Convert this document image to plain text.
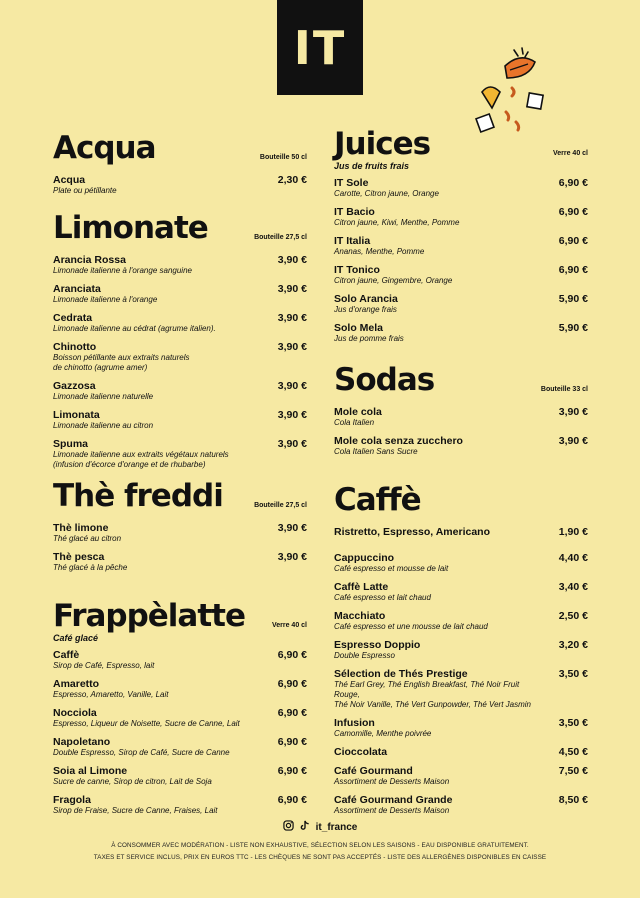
IT
Acqua	Bouteille 50 cl
Acqua
Plate ou pétillante
2,30 €
Limonate	Bouteille 27,5 cl
Arancia Rossa
Limonade italienne à l'orange sanguine
3,90 €
Aranciata
Limonade italienne à l'orange
3,90 €
Cedrata
Limonade italienne au cédrat (agrume italien).
3,90 €
Chinotto
Boisson pétillante aux extraits naturels
de chinotto (agrume amer)
3,90 €
Gazzosa
Limonade italienne naturelle
3,90 €
Limonata
Limonade italienne au citron
3,90 €
Spuma
Limonade italienne aux extraits végétaux naturels
(infusion d'écorce d'orange et de rhubarbe)
3,90 €
Thè freddi	Bouteille 27,5 cl
Thè limone
Thé glacé au citron
3,90 €
Thè pesca
Thé glacé à la pêche
3,90 €
Frappèlatte	Verre 40 cl
Café glacé
Caffè
Sirop de Café, Espresso, lait
6,90 €
Amaretto
Espresso, Amaretto, Vanille, Lait
6,90 €
Nocciola
Espresso, Liqueur de Noisette, Sucre de Canne, Lait
6,90 €
Napoletano
Double Espresso, Sirop de Café, Sucre de Canne
6,90 €
Soia al Limone
Sucre de canne, Sirop de citron, Lait de Soja
6,90 €
Fragola
Sirop de Fraise, Sucre de Canne, Fraises, Lait
6,90 €
Juices	Verre 40 cl
Jus de fruits frais
IT Sole
Carotte, Citron jaune, Orange
6,90 €
IT Bacio
Citron jaune, Kiwi, Menthe, Pomme
6,90 €
IT Italia
Ananas, Menthe, Pomme
6,90 €
IT Tonico
Citron jaune, Gingembre, Orange
6,90 €
Solo Arancia
Jus d'orange frais
5,90 €
Solo Mela
Jus de pomme frais
5,90 €
Sodas	Bouteille 33 cl
Mole cola
Cola Italien
3,90 €
Mole cola senza zucchero
Cola Italien Sans Sucre
3,90 €
Caffè
Ristretto, Espresso, Americano	1,90 €
Cappuccino
Café espresso et mousse de lait
4,40 €
Caffè Latte
Café espresso et lait chaud
3,40 €
Macchiato
Café espresso et une mousse de lait chaud
2,50 €
Espresso Doppio
Double Espresso
3,20 €
Sélection de Thés Prestige
Thé Earl Grey, Thé English Breakfast, Thé Noir Fruit Rouge,
Thé Noir Vanille, Thé Vert Gunpowder, Thé Vert Jasmin
3,50 €
Infusion
Camomille, Menthe poivrée
3,50 €
Cioccolata	4,50 €
Café Gourmand
Assortiment de Desserts Maison
7,50 €
Café Gourmand Grande
Assortiment de Desserts Maison
8,50 €
it_france
À CONSOMMER AVEC MODÉRATION - LISTE NON EXHAUSTIVE, SÉLECTION SELON LES SAISONS - EAU DISPONIBLE GRATUITEMENT.
TAXES ET SERVICE INCLUS, PRIX EN EUROS TTC - LES CHÈQUES NE SONT PAS ACCEPTÉS - LISTE DES ALLERGÈNES DISPONIBLES EN CAISSE
